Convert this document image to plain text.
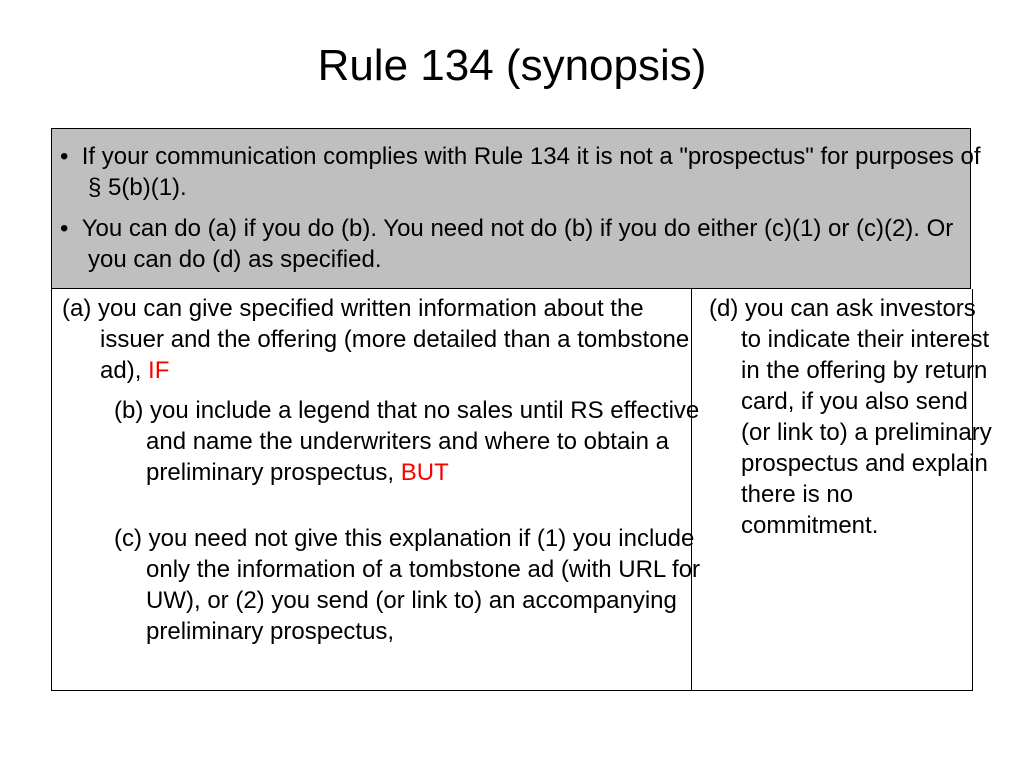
Rule 134 (synopsis)
•  If your communication complies with Rule 134 it is not a "prospectus" for purposes of § 5(b)(1).
•  You can do (a) if you do (b). You need not do (b) if you do either (c)(1) or (c)(2). Or you can do (d) as specified.
(a) you can give specified written information about the issuer and the offering (more detailed than a tombstone ad), IF
(b) you include a legend that no sales until RS effective and name the underwriters and where to obtain a preliminary prospectus, BUT
(c) you need not give this explanation if (1) you include only the information of a tombstone ad (with URL for UW), or (2) you send (or link to) an accompanying preliminary prospectus,
(d) you can ask investors to indicate their interest in the offering by return card, if you also send (or link to) a preliminary prospectus and explain there is no commitment.
